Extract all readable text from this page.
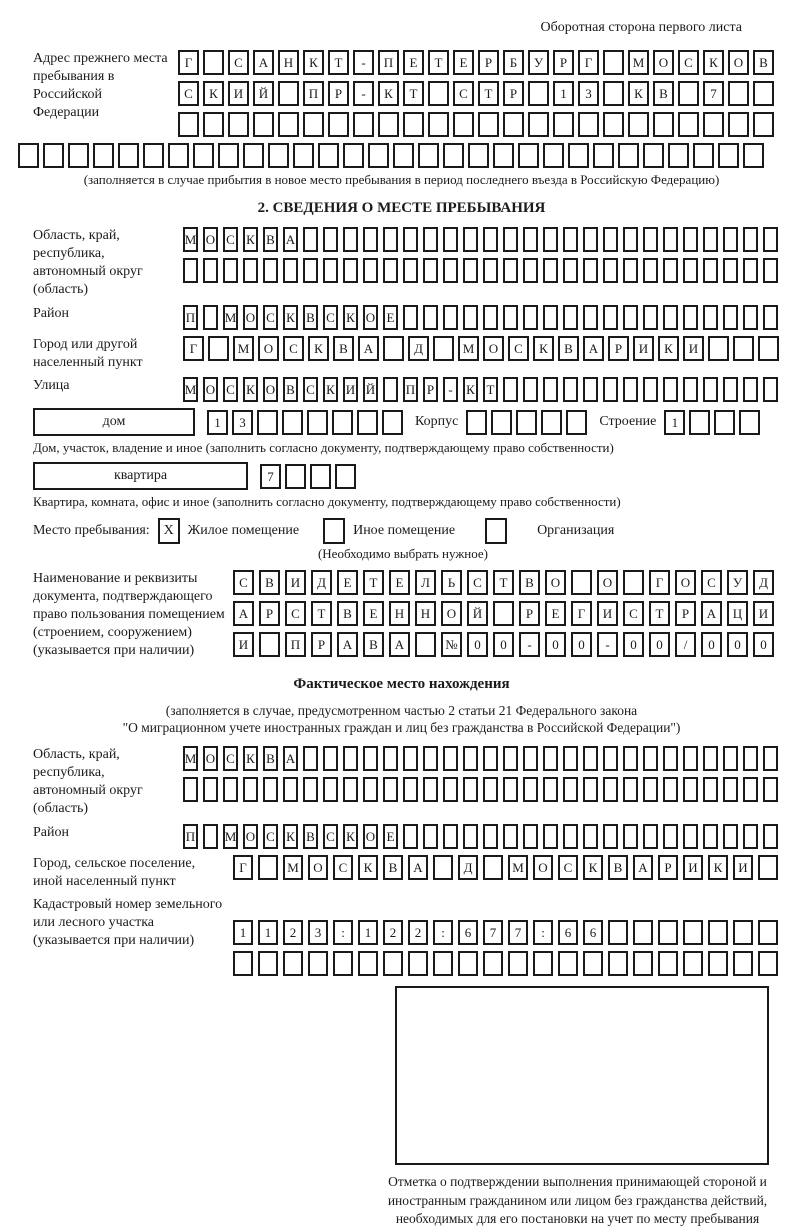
Оборотная сторона первого листа
Адрес прежнего места пребывания в Российской Федерации
Г	С	А	Н	К	Т	-	П	Е	Т	Е	Р	Б	У	Р	Г	М	О	С	К	О	В
С	К	И	Й	П	Р	-	К	Т	С	Т	Р	1	3	К	В	7
(заполняется в случае прибытия в новое место пребывания в период последнего въезда в Российскую Федерацию)
2. СВЕДЕНИЯ О МЕСТЕ ПРЕБЫВАНИЯ
Область, край, республика, автономный округ (область)
М О С К В А
Район	П М О С К В С К О Е
Город или другой населенный пункт
Г	М	О	С	К	В	А	Д	М	О	С	К	В	А	Р	И	К	И
Улица	М О С К О В С К И Й П Р	-	К Т
дом	1	3	Корпус	Строение	1
Дом, участок, владение и иное (заполнить согласно документу, подтверждающему право собственности)
квартира	7
Квартира, комната, офис и иное (заполнить согласно документу, подтверждающему право собственности)
Место пребывания: X Жилое помещение	Иное помещение	Организация
(Необходимо выбрать нужное)
Наименование и реквизиты документа, подтверждающего право пользования помещением (строением, сооружением) (указывается при наличии)
С	В	И	Д	Е	Т	Е	Л	Ь	С	Т	В	О	О	Г	О	С	У	Д
А	Р	С	Т	В	Е	Н	Н	О	Й	Р	Е	Г	И	С	Т	Р	А	Ц	И
И	П	Р	А	В	А	№	0	0	-	0	0	-	0	0	/	0	0	0
Фактическое место нахождения
(заполняется в случае, предусмотренном частью 2 статьи 21 Федерального закона
"О миграционном учете иностранных граждан и лиц без гражданства в Российской Федерации")
Область, край, республика, автономный округ (область)
М О С К В А
Район	П М О С К В С К О Е
Город, сельское поселение, иной населенный пункт
Г	М	О	С	К	В	А	Д	М	О	С	К	В	А	Р	И	К	И
Кадастровый номер земельного или лесного участка (указывается при наличии)
1	1	2	3	:	1	2	2	:	6	7	7	:	6	6
Отметка о подтверждении выполнения принимающей стороной и иностранным гражданином или лицом без гражданства действий, необходимых для его постановки на учет по месту пребывания
